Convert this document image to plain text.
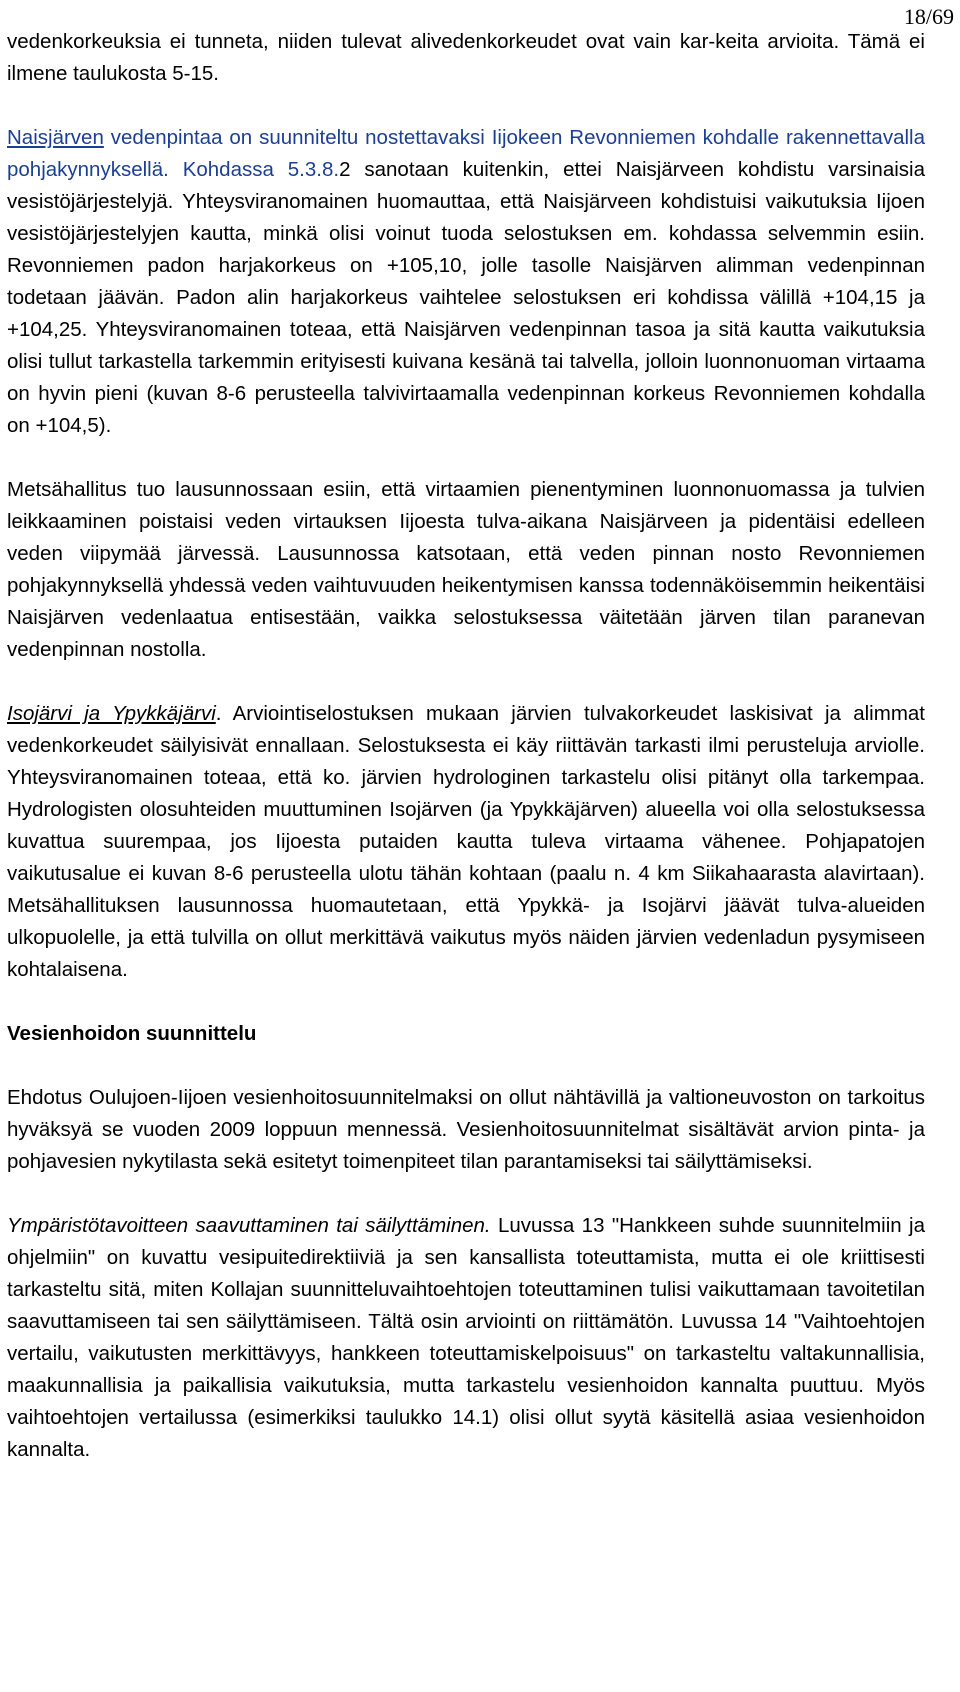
18/69

vedenkorkeuksia ei tunneta, niiden tulevat alivedenkorkeudet ovat vain kar-keita arvioita. Tämä ei ilmene taulukosta 5-15.

Naisjärven vedenpintaa on suunniteltu nostettavaksi Iijokeen Revonniemen kohdalle rakennettavalla pohjakynnyksellä. Kohdassa 5.3.8.2 sanotaan kuitenkin, ettei Naisjärveen kohdistu varsinaisia vesistöjärjestelyjä. Yhteysviranomainen huomauttaa, että Naisjärveen kohdistuisi vaikutuksia Iijoen vesistöjärjestelyjen kautta, minkä olisi voinut tuoda selostuksen em. kohdassa selvemmin esiin. Revonniemen padon harjakorkeus on +105,10, jolle tasolle Naisjärven alimman vedenpinnan todetaan jäävän. Padon alin harjakorkeus vaihtelee selostuksen eri kohdissa välillä +104,15 ja +104,25. Yhteysviranomainen toteaa, että Naisjärven vedenpinnan tasoa ja sitä kautta vaikutuksia olisi tullut tarkastella tarkemmin erityisesti kuivana kesänä tai talvella, jolloin luonnonuoman virtaama on hyvin pieni (kuvan 8-6 perusteella talvivirtaamalla vedenpinnan korkeus Revonniemen kohdalla on +104,5).

Metsähallitus tuo lausunnossaan esiin, että virtaamien pienentyminen luonnonuomassa ja tulvien leikkaaminen poistaisi veden virtauksen Iijoesta tulva-aikana Naisjärveen ja pidentäisi edelleen veden viipymää järvessä. Lausunnossa katsotaan, että veden pinnan nosto Revonniemen pohjakynnyksellä yhdessä veden vaihtuvuuden heikentymisen kanssa todennäköisemmin heikentäisi Naisjärven vedenlaatua entisestään, vaikka selostuksessa väitetään järven tilan paranevan vedenpinnan nostolla.

Isojärvi ja Ypykkäjärvi. Arviointiselostuksen mukaan järvien tulvakorkeudet laskisivat ja alimmat vedenkorkeudet säilyisivät ennallaan. Selostuksesta ei käy riittävän tarkasti ilmi perusteluja arviolle. Yhteysviranomainen toteaa, että ko. järvien hydrologinen tarkastelu olisi pitänyt olla tarkempaa. Hydrologisten olosuhteiden muuttuminen Isojärven (ja Ypykkäjärven) alueella voi olla selostuksessa kuvattua suurempaa, jos Iijoesta putaiden kautta tuleva virtaama vähenee. Pohjapatojen vaikutusalue ei kuvan 8-6 perusteella ulotu tähän kohtaan (paalu n. 4 km Siikahaarasta alavirtaan). Metsähallituksen lausunnossa huomautetaan, että Ypykkä- ja Isojärvi jäävät tulva-alueiden ulkopuolelle, ja että tulvilla on ollut merkittävä vaikutus myös näiden järvien vedenladun pysymiseen kohtalaisena.

Vesienhoidon suunnittelu

Ehdotus Oulujoen-Iijoen vesienhoitosuunnitelmaksi on ollut nähtävillä ja valtioneuvoston on tarkoitus hyväksyä se vuoden 2009 loppuun mennessä. Vesienhoitosuunnitelmat sisältävät arvion pinta- ja pohjavesien nykytilasta sekä esitetyt toimenpiteet tilan parantamiseksi tai säilyttämiseksi.

Ympäristötavoitteen saavuttaminen tai säilyttäminen. Luvussa 13 "Hankkeen suhde suunnitelmiin ja ohjelmiin" on kuvattu vesipuitedirektiiviä ja sen kansallista toteuttamista, mutta ei ole kriittisesti tarkasteltu sitä, miten Kollajan suunnitteluvaihtoehtojen toteuttaminen tulisi vaikuttamaan tavoitetilan saavuttamiseen tai sen säilyttämiseen. Tältä osin arviointi on riittämätön. Luvussa 14 "Vaihtoehtojen vertailu, vaikutusten merkittävyys, hankkeen toteuttamiskelpoisuus" on tarkasteltu valtakunnallisia, maakunnallisia ja paikallisia vaikutuksia, mutta tarkastelu vesienhoidon kannalta puuttuu. Myös vaihtoehtojen vertailussa (esimerkiksi taulukko 14.1) olisi ollut syytä käsitellä asiaa vesienhoidon kannalta.
